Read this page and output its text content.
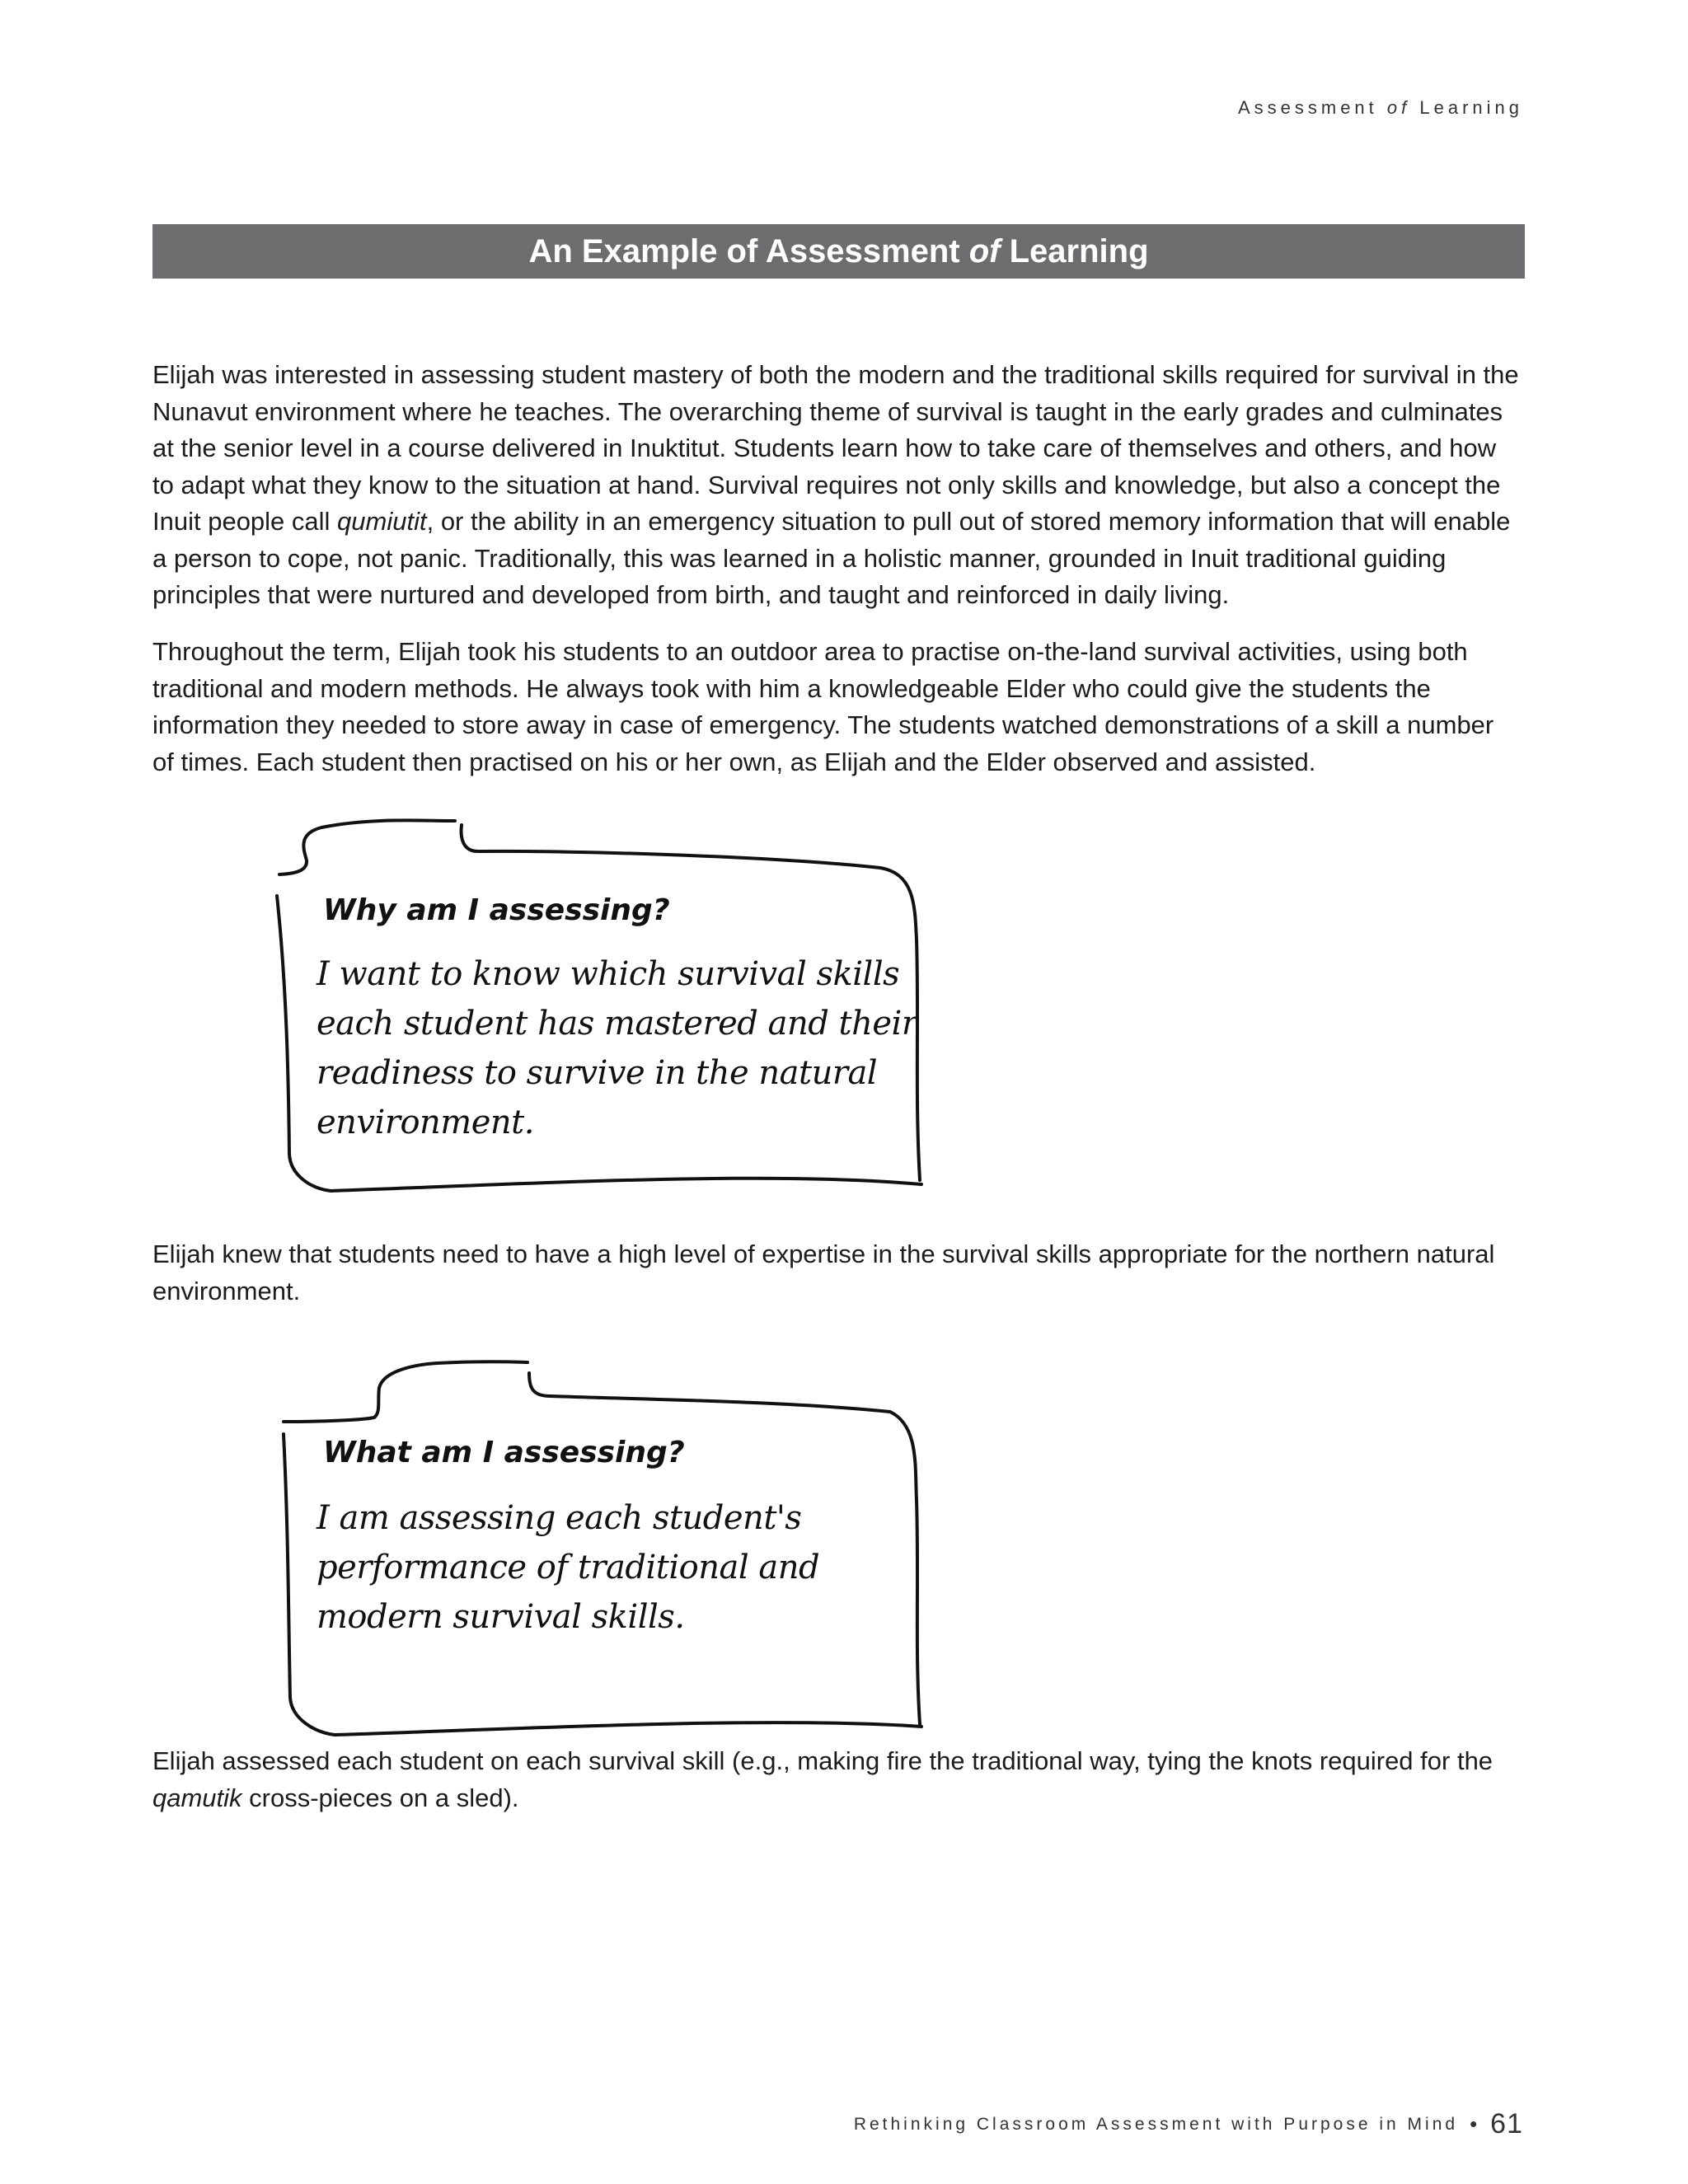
Assessment of Learning
An Example of Assessment of Learning

Elijah was interested in assessing student mastery of both the modern and the traditional skills required for survival in the Nunavut environment where he teaches. The overarching theme of survival is taught in the early grades and culminates at the senior level in a course delivered in Inuktitut. Students learn how to take care of themselves and others, and how to adapt what they know to the situation at hand. Survival requires not only skills and knowledge, but also a concept the Inuit people call qumiutit, or the ability in an emergency situation to pull out of stored memory information that will enable a person to cope, not panic. Traditionally, this was learned in a holistic manner, grounded in Inuit traditional guiding principles that were nurtured and developed from birth, and taught and reinforced in daily living.

Throughout the term, Elijah took his students to an outdoor area to practise on-the-land survival activities, using both traditional and modern methods. He always took with him a knowledgeable Elder who could give the students the information they needed to store away in case of emergency. The students watched demonstrations of a skill a number of times. Each student then practised on his or her own, as Elijah and the Elder observed and assisted.

Why am I assessing?
I want to know which survival skills each student has mastered and their readiness to survive in the natural environment.

Elijah knew that students need to have a high level of expertise in the survival skills appropriate for the northern natural environment.

What am I assessing?
I am assessing each student's performance of traditional and modern survival skills.

Elijah assessed each student on each survival skill (e.g., making fire the traditional way, tying the knots required for the qamutik cross-pieces on a sled).

Rethinking Classroom Assessment with Purpose in Mind • 61
